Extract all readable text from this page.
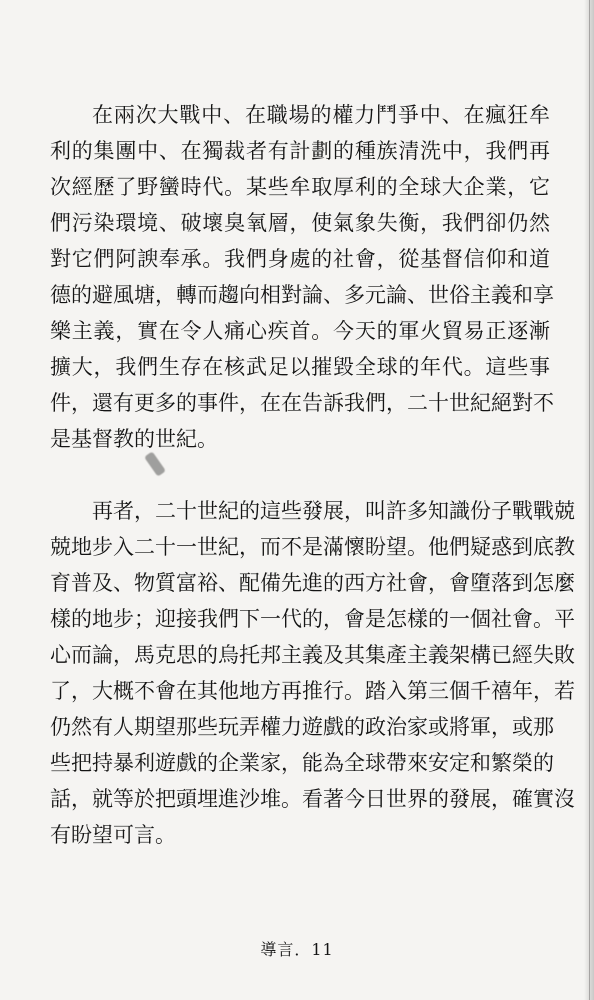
在兩次大戰中、在職場的權力鬥爭中、在瘋狂牟
利的集團中、在獨裁者有計劃的種族清洗中，我們再
次經歷了野蠻時代。某些牟取厚利的全球大企業，它
們污染環境、破壞臭氧層，使氣象失衡，我們卻仍然
對它們阿諛奉承。我們身處的社會，從基督信仰和道
德的避風塘，轉而趨向相對論、多元論、世俗主義和享
樂主義，實在令人痛心疾首。今天的軍火貿易正逐漸
擴大，我們生存在核武足以摧毀全球的年代。這些事
件，還有更多的事件，在在告訴我們，二十世紀絕對不
是基督教的世紀。
再者，二十世紀的這些發展，叫許多知識份子戰戰兢
兢地步入二十一世紀，而不是滿懷盼望。他們疑惑到底教
育普及、物質富裕、配備先進的西方社會，會墮落到怎麼
樣的地步；迎接我們下一代的，會是怎樣的一個社會。平
心而論，馬克思的烏托邦主義及其集產主義架構已經失敗
了，大概不會在其他地方再推行。踏入第三個千禧年，若
仍然有人期望那些玩弄權力遊戲的政治家或將軍，或那
些把持暴利遊戲的企業家，能為全球帶來安定和繁榮的
話，就等於把頭埋進沙堆。看著今日世界的發展，確實沒
有盼望可言。
導言．11
